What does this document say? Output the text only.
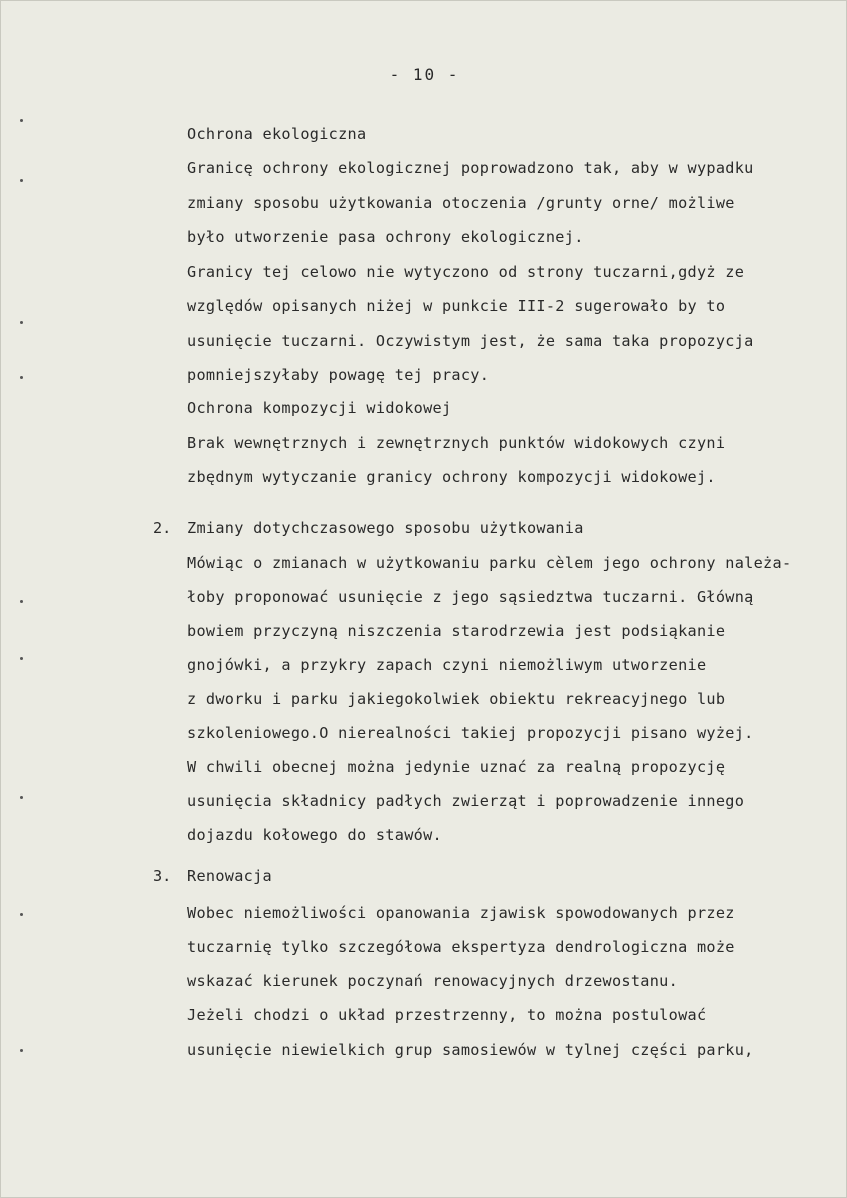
- 10 -
Ochrona ekologiczna
Granicę ochrony ekologicznej poprowadzono tak, aby w wypadku
zmiany sposobu użytkowania otoczenia /grunty orne/ możliwe
było utworzenie pasa ochrony ekologicznej.
Granicy tej celowo nie wytyczono od strony tuczarni,gdyż ze
względów opisanych niżej w punkcie III-2 sugerowało by to
usunięcie tuczarni. Oczywistym jest, że sama taka propozycja
pomniejszyłaby powagę tej pracy.
Ochrona kompozycji widokowej
Brak wewnętrznych i zewnętrznych punktów widokowych czyni
zbędnym wytyczanie granicy ochrony kompozycji widokowej.
2. Zmiany dotychczasowego sposobu użytkowania
Mówiąc o zmianach w użytkowaniu parku cèlem jego ochrony należa-
łoby proponować usunięcie z jego sąsiedztwa tuczarni. Główną
bowiem przyczyną niszczenia starodrzewia jest podsiąkanie
gnojówki, a przykry zapach czyni niemożliwym utworzenie
z dworku i parku jakiegokolwiek obiektu rekreacyjnego lub
szkoleniowego.O nierealności takiej propozycji pisano wyżej.
W chwili obecnej można jedynie uznać za realną propozycję
usunięcia składnicy padłych zwierząt i poprowadzenie innego
dojazdu kołowego do stawów.
3. Renowacja
Wobec niemożliwości opanowania zjawisk spowodowanych przez
tuczarnię tylko szczegółowa ekspertyza dendrologiczna może
wskazać kierunek poczynań renowacyjnych drzewostanu.
Jeżeli chodzi o układ przestrzenny, to można postulować
usunięcie niewielkich grup samosiewów w tylnej części parku,
